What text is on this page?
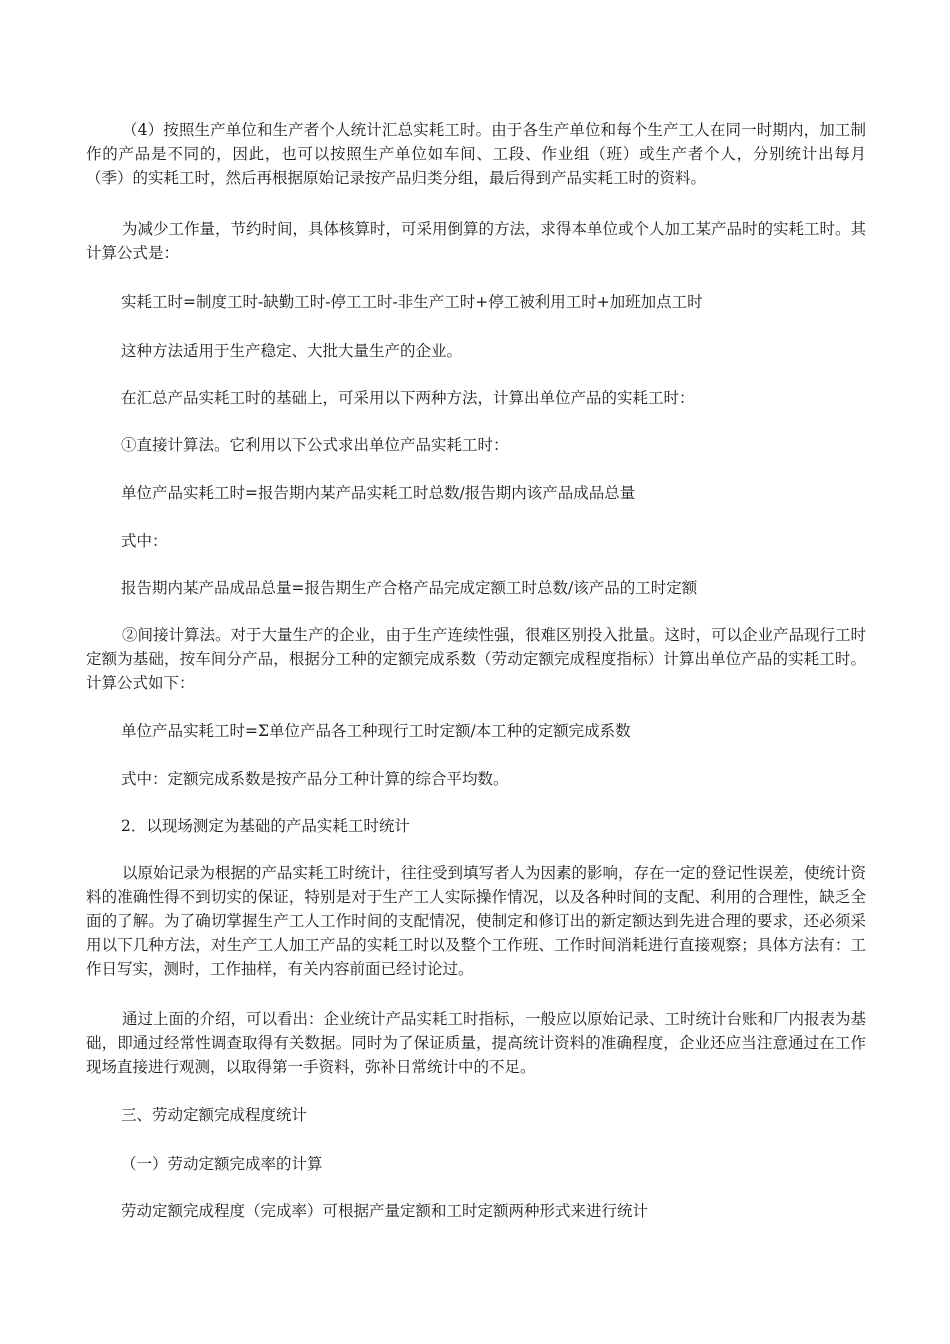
（4）按照生产单位和生产者个人统计汇总实耗工时。由于各生产单位和每个生产工人在同一时期内，加工制作的产品是不同的，因此，也可以按照生产单位如车间、工段、作业组（班）或生产者个人，分别统计出每月（季）的实耗工时，然后再根据原始记录按产品归类分组，最后得到产品实耗工时的资料。

为减少工作量，节约时间，具体核算时，可采用倒算的方法，求得本单位或个人加工某产品时的实耗工时。其计算公式是：

实耗工时=制度工时-缺勤工时-停工工时-非生产工时+停工被利用工时+加班加点工时

这种方法适用于生产稳定、大批大量生产的企业。

在汇总产品实耗工时的基础上，可采用以下两种方法，计算出单位产品的实耗工时：

①直接计算法。它利用以下公式求出单位产品实耗工时：

单位产品实耗工时=报告期内某产品实耗工时总数/报告期内该产品成品总量

式中：

报告期内某产品成品总量=报告期生产合格产品完成定额工时总数/该产品的工时定额

②间接计算法。对于大量生产的企业，由于生产连续性强，很难区别投入批量。这时，可以企业产品现行工时定额为基础，按车间分产品，根据分工种的定额完成系数（劳动定额完成程度指标）计算出单位产品的实耗工时。计算公式如下：

单位产品实耗工时=Σ单位产品各工种现行工时定额/本工种的定额完成系数

式中：定额完成系数是按产品分工种计算的综合平均数。

2．以现场测定为基础的产品实耗工时统计

以原始记录为根据的产品实耗工时统计，往往受到填写者人为因素的影响，存在一定的登记性误差，使统计资料的准确性得不到切实的保证，特别是对于生产工人实际操作情况，以及各种时间的支配、利用的合理性，缺乏全面的了解。为了确切掌握生产工人工作时间的支配情况，使制定和修订出的新定额达到先进合理的要求，还必须采用以下几种方法，对生产工人加工产品的实耗工时以及整个工作班、工作时间消耗进行直接观察；具体方法有：工作日写实，测时，工作抽样，有关内容前面已经讨论过。

通过上面的介绍，可以看出：企业统计产品实耗工时指标，一般应以原始记录、工时统计台账和厂内报表为基础，即通过经常性调查取得有关数据。同时为了保证质量，提高统计资料的准确程度，企业还应当注意通过在工作现场直接进行观测，以取得第一手资料，弥补日常统计中的不足。

三、劳动定额完成程度统计

（一）劳动定额完成率的计算

劳动定额完成程度（完成率）可根据产量定额和工时定额两种形式来进行统计
